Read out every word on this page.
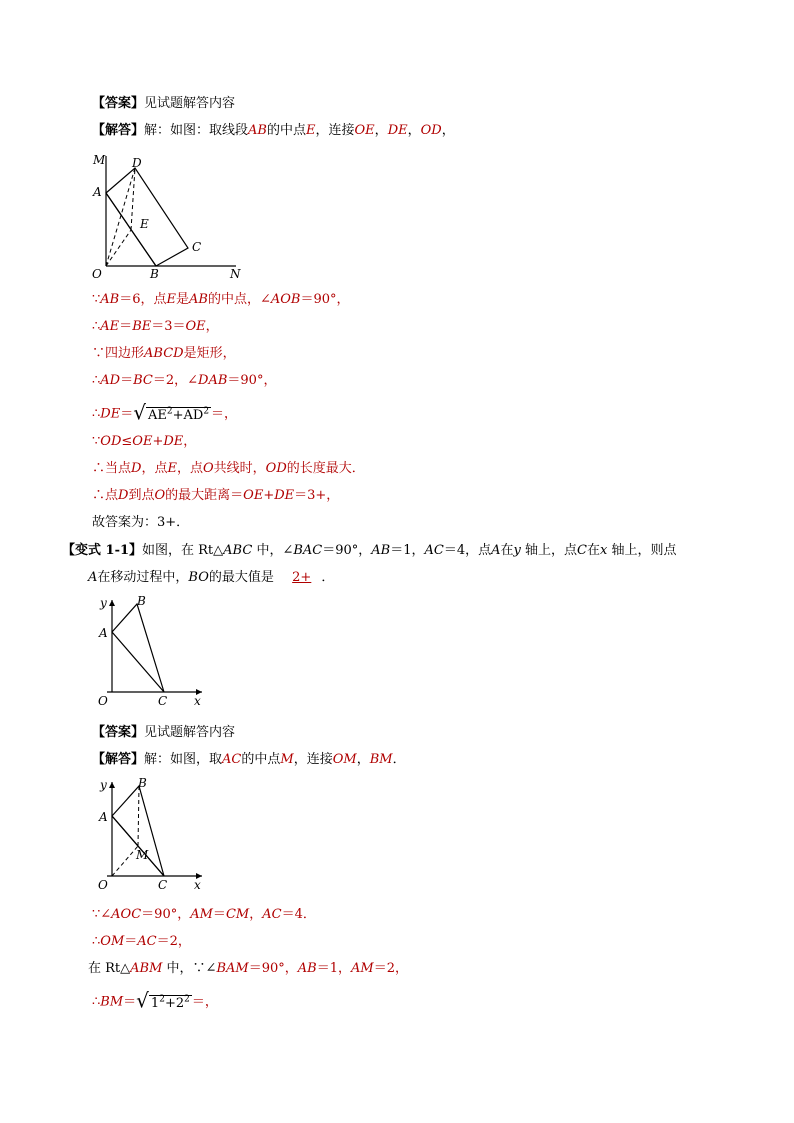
【答案】见试题解答内容
【解答】解：如图：取线段AB的中点E，连接OE，DE，OD，
M D
A
E
C
O	B	N
∵AB＝6，点E是AB的中点，∠AOB＝90°，
∴AE＝BE＝3＝OE，
∵四边形ABCD是矩形，
∴AD＝BC＝2，∠DAB＝90°，
∴DE＝√ $AE^2+AD^2$ ＝，
∵OD≤OE+DE，
∴当点D，点E，点O共线时，OD的长度最大．
∴点D到点O的最大距离＝OE+DE＝3+，
故答案为：3+．
【变式 1-1】如图，在 Rt△ABC 中，∠BAC＝90°，AB＝1，AC＝4，点A在y 轴上，点C在x 轴上，则点
A在移动过程中，BO的最大值是 2+ ．
y	B
A
O	C x
【答案】见试题解答内容
【解答】解：如图，取AC的中点M，连接OM，BM．
y	B
A
M
O	C x
∵∠AOC＝90°，AM＝CM，AC＝4．
∴OM＝AC＝2，
在 Rt△ABM 中，∵∠BAM＝90°，AB＝1，AM＝2，
∴BM＝√ $1^2+2^2$ ＝，
